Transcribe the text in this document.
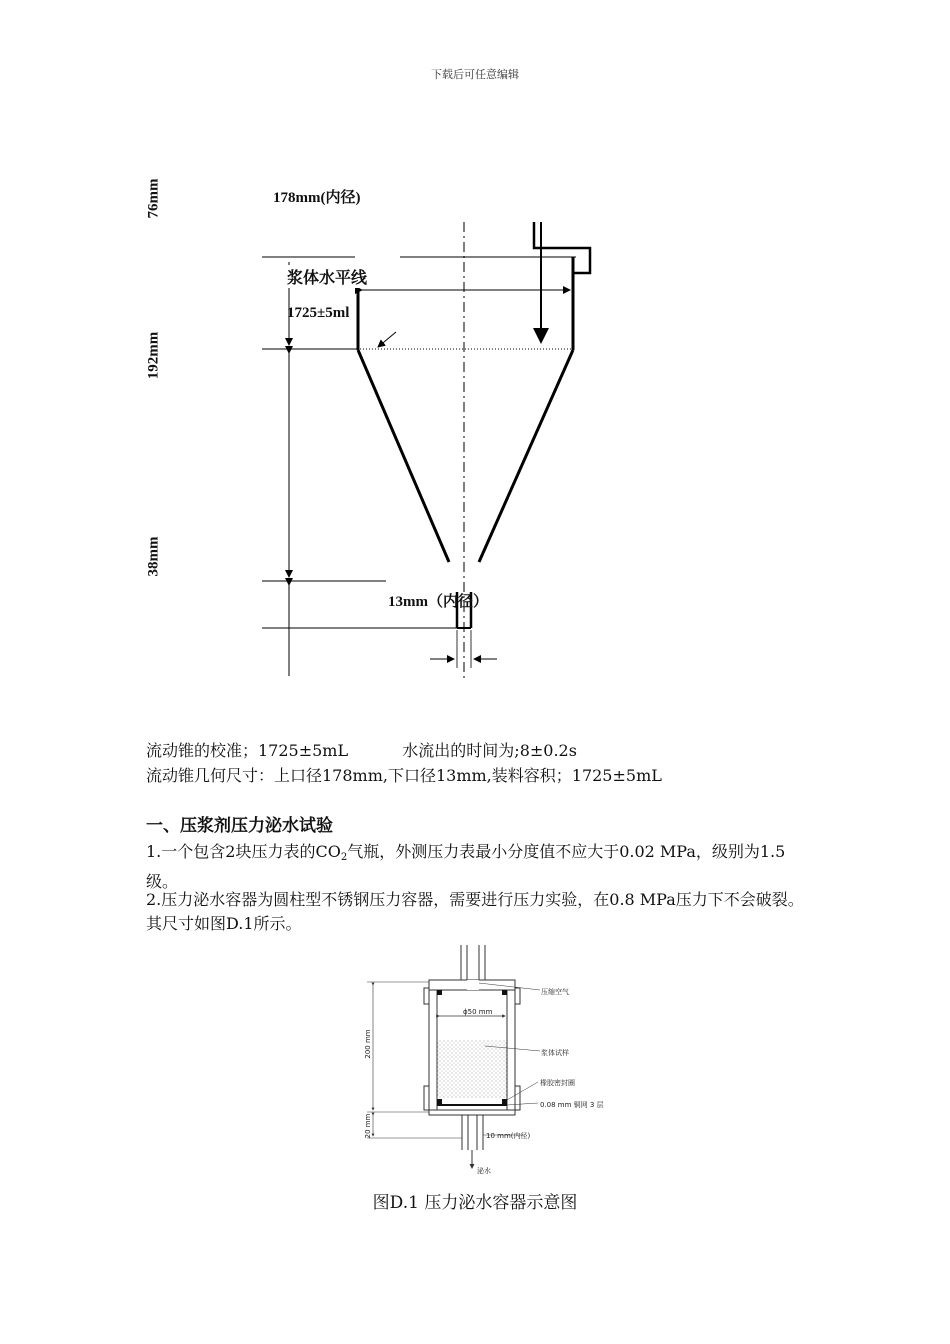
下载后可任意编辑
76mm
192mm
38mm
178mm(内径)
浆体水平线
1725±5ml
13mm（内径）
流动锥的校准；1725±5mL	水流出的时间为;8±0.2s
流动锥几何尺寸：上口径178mm,下口径13mm,装料容积；1725±5mL
一、压浆剂压力泌水试验
1.一个包含2块压力表的$CO_2$气瓶，外测压力表最小分度值不应大于0.02 MPa，级别为1.5级。
2.压力泌水容器为圆柱型不锈钢压力容器，需要进行压力实验，在0.8 MPa压力下不会破裂。其尺寸如图D.1所示。
压缩空气
ϕ50 mm
浆体试样
橡胶密封圈
0.08 mm 铜网 3 层
10 mm(内径)
泌水
200 mm
20 mm
图D.1 压力泌水容器示意图
